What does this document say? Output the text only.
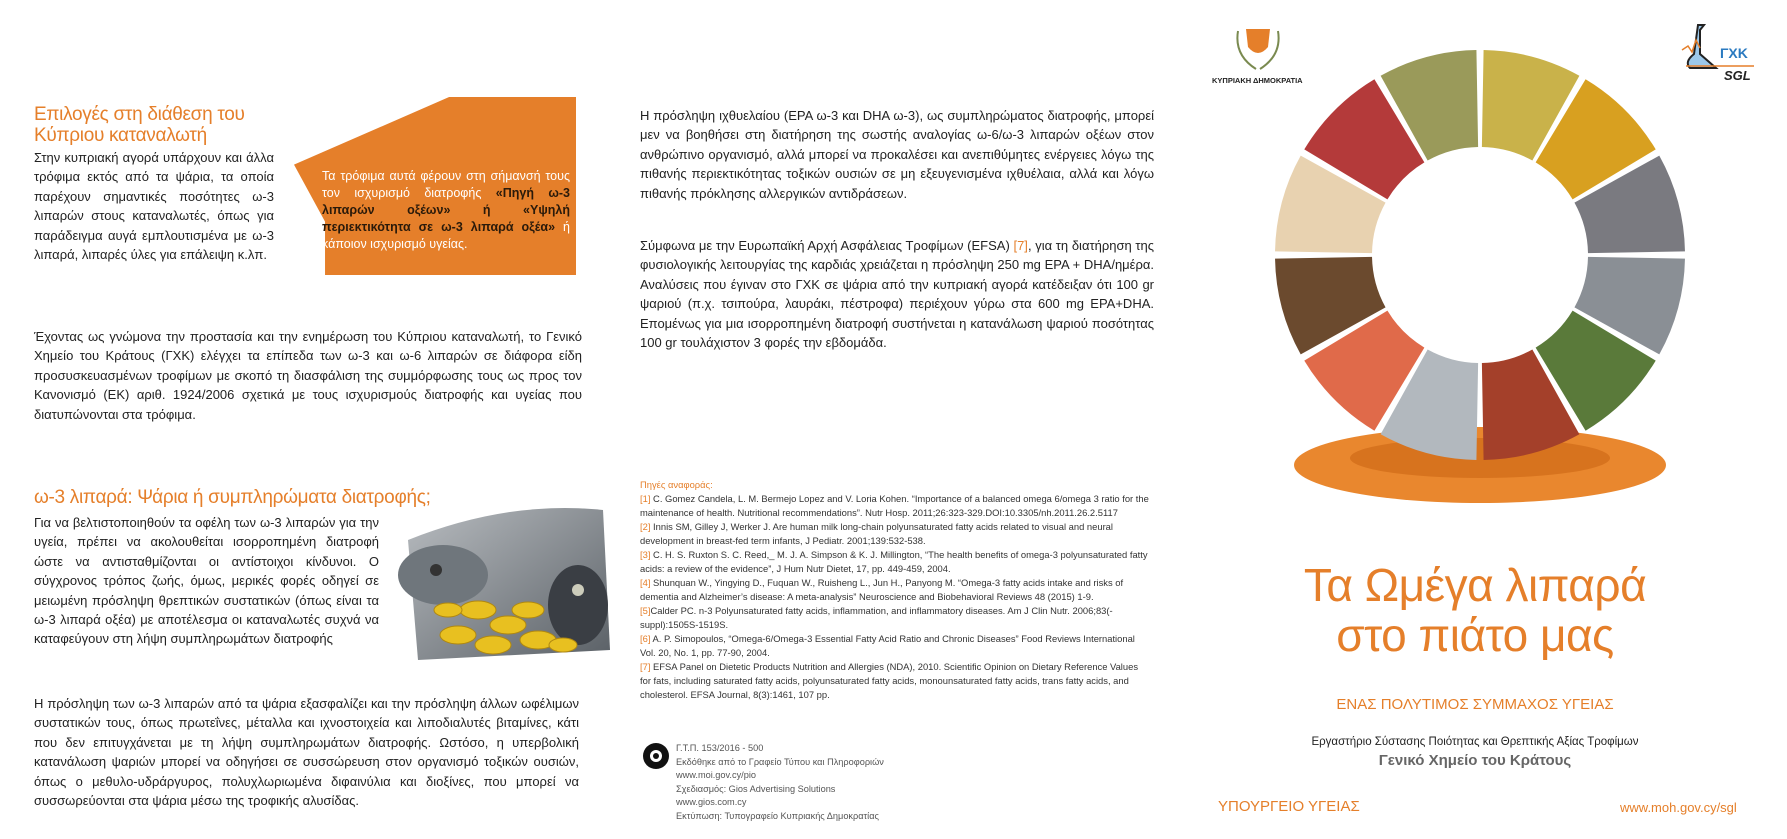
Επιλογές στη διάθεση του Κύπριου καταναλωτή
Στην κυπριακή αγορά υπάρχουν και άλλα τρόφιμα εκτός από τα ψάρια, τα οποία παρέχουν σημαντικές ποσότητες ω-3 λιπαρών στους καταναλωτές, όπως για παράδειγμα αυγά εμπλουτισμένα με ω-3 λιπαρά, λιπαρές ύλες για επάλειψη κ.λπ.
Τα τρόφιμα αυτά φέρουν στη σήμανσή τους τον ισχυρισμό διατροφής «Πηγή ω-3 λιπαρών οξέων» ή «Υψηλή περιεκτικότητα σε ω-3 λιπαρά οξέα» ή κάποιον ισχυρισμό υγείας.
Έχοντας ως γνώμονα την προστασία και την ενημέρωση του Κύπριου καταναλωτή, το Γενικό Χημείο του Κράτους (ΓΧΚ) ελέγχει τα επίπεδα των ω-3 και ω-6 λιπαρών σε διάφορα είδη προσυσκευασμένων τροφίμων με σκοπό τη διασφάλιση της συμμόρφωσης τους ως προς τον Κανονισμό (ΕΚ) αριθ. 1924/2006 σχετικά με τους ισχυρισμούς διατροφής και υγείας που διατυπώνονται στα τρόφιμα.
ω-3 λιπαρά: Ψάρια ή συμπληρώματα διατροφής;
Για να βελτιστοποιηθούν τα οφέλη των ω-3 λιπαρών για την υγεία, πρέπει να ακολουθείται ισορροπημένη διατροφή ώστε να αντισταθμίζονται οι αντίστοιχοι κίνδυνοι. Ο σύγχρονος τρόπος ζωής, όμως, μερικές φορές οδηγεί σε μειωμένη πρόσληψη θρεπτικών συστατικών (όπως είναι τα ω-3 λιπαρά οξέα) με αποτέλεσμα οι καταναλωτές συχνά να καταφεύγουν στη λήψη συμπληρωμάτων διατροφής
Η πρόσληψη των ω-3 λιπαρών από τα ψάρια εξασφαλίζει και την πρόσληψη άλλων ωφέλιμων συστατικών τους, όπως πρωτεΐνες, μέταλλα και ιχνοστοιχεία και λιποδιαλυτές βιταμίνες, κάτι που δεν επιτυγχάνεται με τη λήψη συμπληρωμάτων διατροφής. Ωστόσο, η υπερβολική κατανάλωση ψαριών μπορεί να οδηγήσει σε συσσώρευση στον οργανισμό τοξικών ουσιών, όπως ο μεθυλο-υδράργυρος, πολυχλωριωμένα διφαινύλια και διοξίνες, που μπορεί να συσσωρεύονται στα ψάρια μέσω της τροφικής αλυσίδας.
Η πρόσληψη ιχθυελαίου (EPA ω-3 και DHA ω-3), ως συμπληρώματος διατροφής, μπορεί μεν να βοηθήσει στη διατήρηση της σωστής αναλογίας ω-6/ω-3 λιπαρών οξέων στον ανθρώπινο οργανισμό, αλλά μπορεί να προκαλέσει και ανεπιθύμητες ενέργειες λόγω της πιθανής περιεκτικότητας τοξικών ουσιών σε μη εξευγενισμένα ιχθυέλαια, αλλά και λόγω πιθανής πρόκλησης αλλεργικών αντιδράσεων.
Σύμφωνα με την Ευρωπαϊκή Αρχή Ασφάλειας Τροφίμων (EFSA) [7], για τη διατήρηση της φυσιολογικής λειτουργίας της καρδιάς χρειάζεται η πρόσληψη 250 mg EPA + DHA/ημέρα. Αναλύσεις που έγιναν στο ΓΧΚ σε ψάρια από την κυπριακή αγορά κατέδειξαν ότι 100 gr ψαριού (π.χ. τσιπούρα, λαυράκι, πέστροφα) περιέχουν γύρω στα 600 mg EPA+DHA. Επομένως για μια ισορροπημένη διατροφή συστήνεται η κατανάλωση ψαριού ποσότητας 100 gr τουλάχιστον 3 φορές την εβδομάδα.
Πηγές αναφοράς:
[1] C. Gomez Candela, L. M. Bermejo Lopez and V. Loria Kohen. “Importance of a balanced omega 6/omega 3 ratio for the maintenance of health. Nutritional recommendations”. Nutr Hosp. 2011;26:323-329.DOI:10.3305/nh.2011.26.2.5117
[2] Innis SM, Gilley J, Werker J. Are human milk long-chain polyunsaturated fatty acids related to visual and neural development in breast-fed term infants, J Pediatr. 2001;139:532-538.
[3] C. H. S. Ruxton S. C. Reed,_ M. J. A. Simpson & K. J. Millington, “The health benefits of omega-3 polyunsaturated fatty acids: a review of the evidence”, J Hum Nutr Dietet, 17, pp. 449-459, 2004.
[4] Shunquan W., Yingying D., Fuquan W., Ruisheng L., Jun H., Panyong M. “Omega-3 fatty acids intake and risks of dementia and Alzheimer’s disease: A meta-analysis” Neuroscience and Biobehavioral Reviews 48 (2015) 1-9.
[5]Calder PC. n-3 Polyunsaturated fatty acids, inflammation, and inflammatory diseases. Am J Clin Nutr. 2006;83(-suppl):1505S-1519S.
[6] A. P. Simopoulos, “Omega-6/Omega-3 Essential Fatty Acid Ratio and Chronic Diseases” Food Reviews International Vol. 20, No. 1, pp. 77-90, 2004.
[7] EFSA Panel on Dietetic Products Nutrition and Allergies (NDA), 2010. Scientific Opinion on Dietary Reference Values for fats, including saturated fatty acids, polyunsaturated fatty acids, monounsaturated fatty acids, trans fatty acids, and cholesterol. EFSA Journal, 8(3):1461, 107 pp.
Γ.Τ.Π. 153/2016 - 500
Εκδόθηκε από το Γραφείο Τύπου και Πληροφοριών
www.moi.gov.cy/pio
Σχεδιασμός: Gios Advertising Solutions
www.gios.com.cy
Εκτύπωση: Τυπογραφείο Κυπριακής Δημοκρατίας
ΚΥΠΡΙΑΚΗ ΔΗΜΟΚΡΑΤΙΑ
ΓΧΚ
SGL
Τα Ωμέγα λιπαρά
στο πιάτο μας
ΕΝΑΣ ΠΟΛΥΤΙΜΟΣ ΣΥΜΜΑΧΟΣ ΥΓΕΙΑΣ
Εργαστήριο Σύστασης Ποιότητας και Θρεπτικής Αξίας Τροφίμων
Γενικό Χημείο του Κράτους
ΥΠΟΥΡΓΕΙΟ ΥΓΕΙΑΣ	www.moh.gov.cy/sgl
